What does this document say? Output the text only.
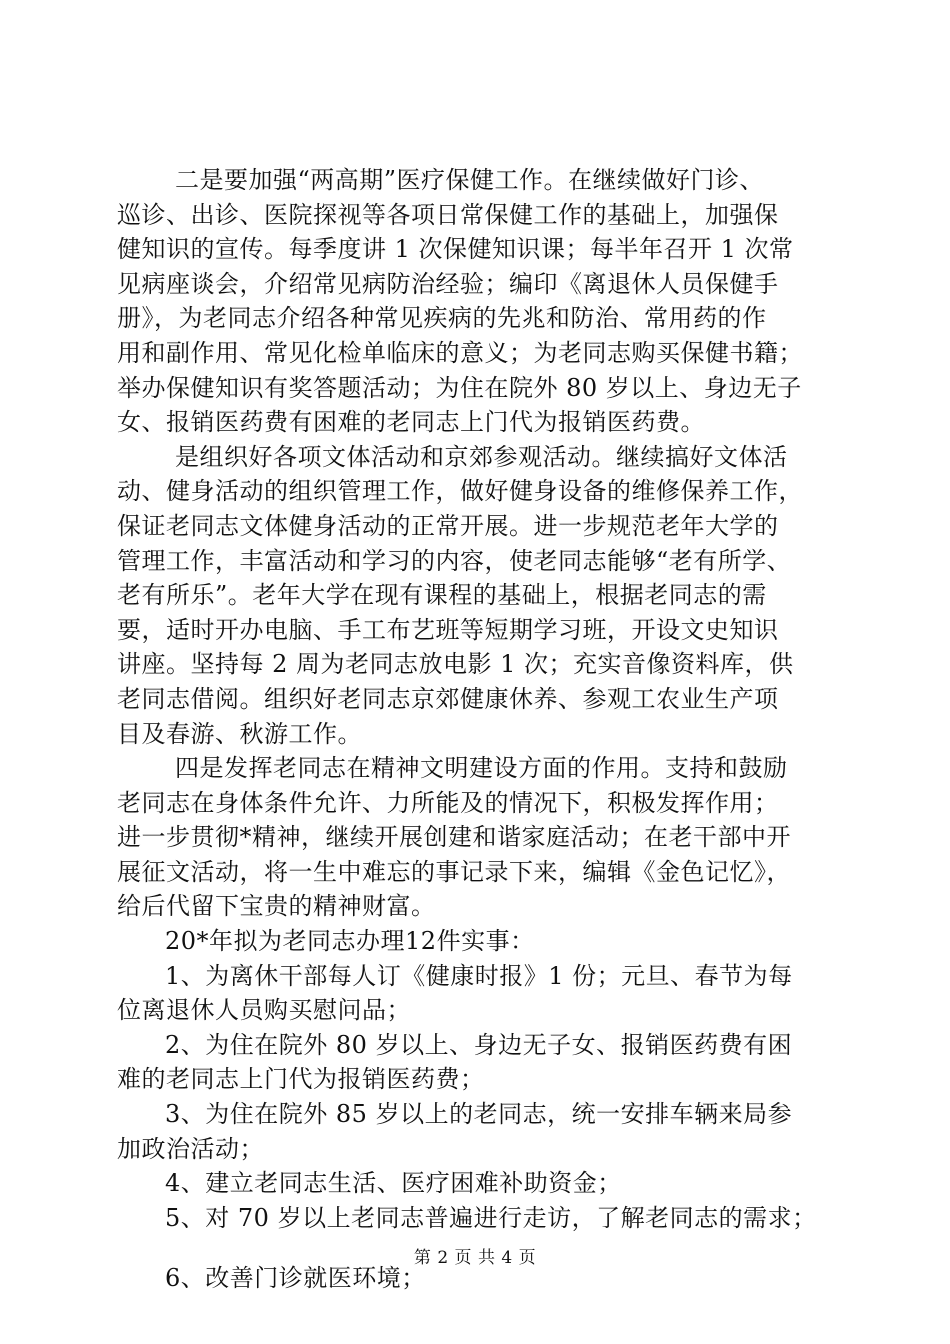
二是要加强“两高期”医疗保健工作。在继续做好门诊、
巡诊、出诊、医院探视等各项日常保健工作的基础上，加强保
健知识的宣传。每季度讲 1 次保健知识课；每半年召开 1 次常
见病座谈会，介绍常见病防治经验；编印《离退休人员保健手
册》，为老同志介绍各种常见疾病的先兆和防治、常用药的作
用和副作用、常见化检单临床的意义；为老同志购买保健书籍；
举办保健知识有奖答题活动；为住在院外 80 岁以上、身边无子
女、报销医药费有困难的老同志上门代为报销医药费。
是组织好各项文体活动和京郊参观活动。继续搞好文体活
动、健身活动的组织管理工作，做好健身设备的维修保养工作，
保证老同志文体健身活动的正常开展。进一步规范老年大学的
管理工作，丰富活动和学习的内容，使老同志能够“老有所学、
老有所乐”。老年大学在现有课程的基础上，根据老同志的需
要，适时开办电脑、手工布艺班等短期学习班，开设文史知识
讲座。坚持每 2 周为老同志放电影 1 次；充实音像资料库，供
老同志借阅。组织好老同志京郊健康休养、参观工农业生产项
目及春游、秋游工作。
四是发挥老同志在精神文明建设方面的作用。支持和鼓励
老同志在身体条件允许、力所能及的情况下，积极发挥作用；
进一步贯彻*精神，继续开展创建和谐家庭活动；在老干部中开
展征文活动，将一生中难忘的事记录下来，编辑《金色记忆》，
给后代留下宝贵的精神财富。
20*年拟为老同志办理12件实事：
1、为离休干部每人订《健康时报》1 份；元旦、春节为每
位离退休人员购买慰问品；
2、为住在院外 80 岁以上、身边无子女、报销医药费有困
难的老同志上门代为报销医药费；
3、为住在院外 85 岁以上的老同志，统一安排车辆来局参
加政治活动；
4、建立老同志生活、医疗困难补助资金；
5、对 70 岁以上老同志普遍进行走访，了解老同志的需求；
6、改善门诊就医环境；
第 2 页 共 4 页
